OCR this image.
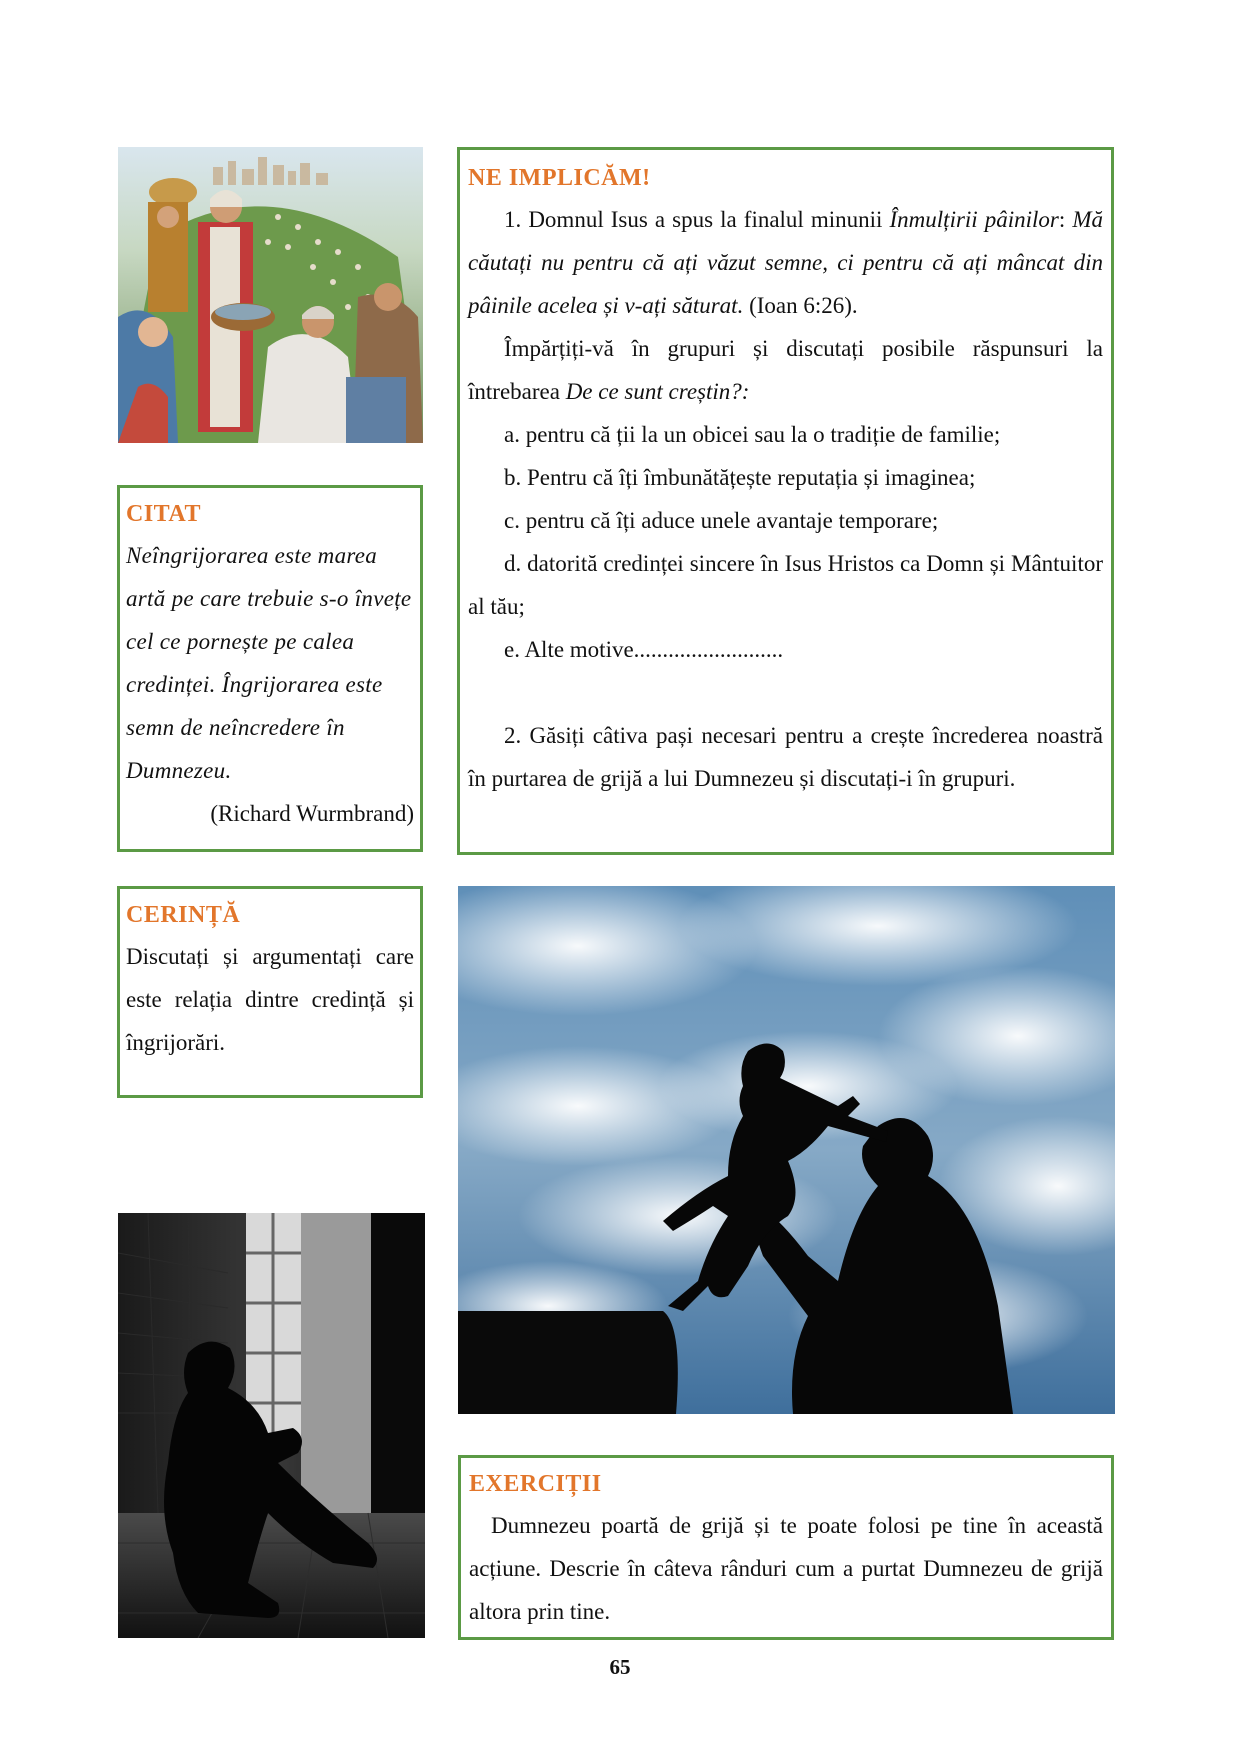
NE IMPLICĂM!
1. Domnul Isus a spus la finalul minunii Înmulțirii pâinilor: Mă căutați nu pentru că ați văzut semne, ci pentru că ați mâncat din pâinile acelea și v-ați săturat. (Ioan 6:26).
Împărțiți-vă în grupuri și discutați posibile răspunsuri la întrebarea De ce sunt creștin?:
a. pentru că ții la un obicei sau la o tradiție de familie;
b. Pentru că îți îmbunătățește reputația și imaginea;
c. pentru că îți aduce unele avantaje temporare;
d. datorită credinței sincere în Isus Hristos ca Domn și Mântuitor al tău;
e. Alte motive..........................
2. Găsiți câtiva pași necesari pentru a crește încrederea noastră în purtarea de grijă a lui Dumnezeu și discutați-i în grupuri.
CITAT
Neîngrijorarea este marea artă pe care trebuie s-o învețe cel ce pornește pe calea credinței. Îngrijorarea este semn de neîncredere în Dumnezeu.
(Richard Wurmbrand)
CERINȚĂ
Discutați și argumentați care este relația dintre credință și îngrijorări.
EXERCIȚII
Dumnezeu poartă de grijă și te poate folosi pe tine în această acțiune. Descrie în câteva rânduri cum a purtat Dumnezeu de grijă altora prin tine.
65
